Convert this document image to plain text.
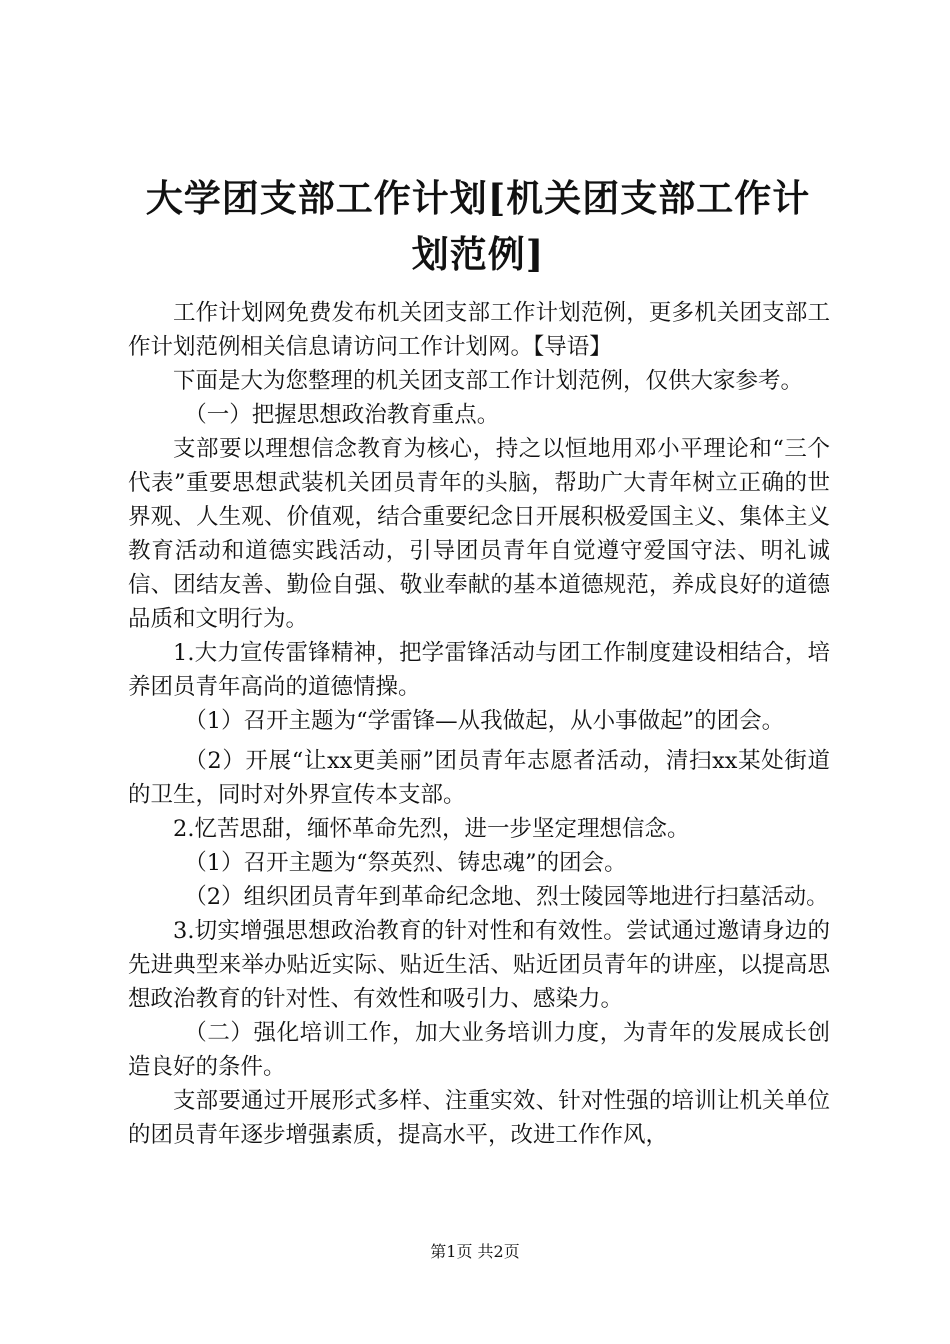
大学团支部工作计划[机关团支部工作计划范例]

工作计划网免费发布机关团支部工作计划范例，更多机关团支部工作计划范例相关信息请访问工作计划网。【导语】

下面是大为您整理的机关团支部工作计划范例，仅供大家参考。

（一）把握思想政治教育重点。

支部要以理想信念教育为核心，持之以恒地用邓小平理论和“三个代表”重要思想武装机关团员青年的头脑，帮助广大青年树立正确的世界观、人生观、价值观，结合重要纪念日开展积极爱国主义、集体主义教育活动和道德实践活动，引导团员青年自觉遵守爱国守法、明礼诚信、团结友善、勤俭自强、敬业奉献的基本道德规范，养成良好的道德品质和文明行为。

1.大力宣传雷锋精神，把学雷锋活动与团工作制度建设相结合，培养团员青年高尚的道德情操。

（1）召开主题为“学雷锋—从我做起，从小事做起”的团会。

（2）开展“让xx更美丽”团员青年志愿者活动，清扫xx某处街道的卫生，同时对外界宣传本支部。

2.忆苦思甜，缅怀革命先烈，进一步坚定理想信念。

（1）召开主题为“祭英烈、铸忠魂”的团会。

（2）组织团员青年到革命纪念地、烈士陵园等地进行扫墓活动。

3.切实增强思想政治教育的针对性和有效性。尝试通过邀请身边的先进典型来举办贴近实际、贴近生活、贴近团员青年的讲座，以提高思想政治教育的针对性、有效性和吸引力、感染力。

（二）强化培训工作，加大业务培训力度，为青年的发展成长创造良好的条件。

支部要通过开展形式多样、注重实效、针对性强的培训让机关单位的团员青年逐步增强素质，提高水平，改进工作作风，

第1页 共2页
